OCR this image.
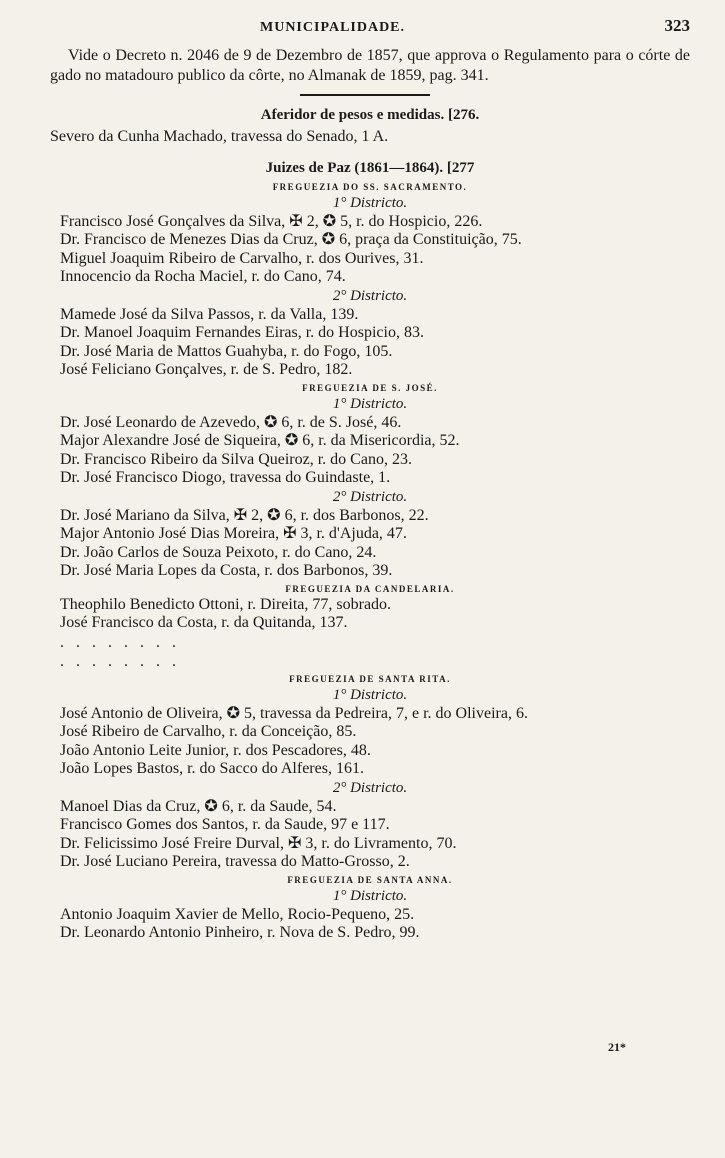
MUNICIPALIDADE.	323

Vide o Decreto n. 2046 de 9 de Dezembro de 1857, que approva o Regulamento para o córte de gado no matadouro publico da côrte, no Almanak de 1859, pag. 341.

Aferidor de pesos e medidas. [276.
Severo da Cunha Machado, travessa do Senado, 1 A.
Juizes de Paz (1861—1864). [277
FREGUEZIA DO SS. SACRAMENTO.
1° Districto.
Francisco José Gonçalves da Silva, ✠ 2, ✪ 5, r. do Hospicio, 226.
Dr. Francisco de Menezes Dias da Cruz, ✪ 6, praça da Constituição, 75.
Miguel Joaquim Ribeiro de Carvalho, r. dos Ourives, 31.
Innocencio da Rocha Maciel, r. do Cano, 74.
2° Districto.
Mamede José da Silva Passos, r. da Valla, 139.
Dr. Manoel Joaquim Fernandes Eiras, r. do Hospicio, 83.
Dr. José Maria de Mattos Guahyba, r. do Fogo, 105.
José Feliciano Gonçalves, r. de S. Pedro, 182.
FREGUEZIA DE S. JOSÉ.
1° Districto.
Dr. José Leonardo de Azevedo, ✪ 6, r. de S. José, 46.
Major Alexandre José de Siqueira, ✪ 6, r. da Misericordia, 52.
Dr. Francisco Ribeiro da Silva Queiroz, r. do Cano, 23.
Dr. José Francisco Diogo, travessa do Guindaste, 1.
2° Districto.
Dr. José Mariano da Silva, ✠ 2, ✪ 6, r. dos Barbonos, 22.
Major Antonio José Dias Moreira, ✠ 3, r. d'Ajuda, 47.
Dr. João Carlos de Souza Peixoto, r. do Cano, 24.
Dr. José Maria Lopes da Costa, r. dos Barbonos, 39.
FREGUEZIA DA CANDELARIA.
Theophilo Benedicto Ottoni, r. Direita, 77, sobrado.
José Francisco da Costa, r. da Quitanda, 137.
........
........
FREGUEZIA DE SANTA RITA.
1° Districto.
José Antonio de Oliveira, ✪ 5, travessa da Pedreira, 7, e r. do Oliveira, 6.
José Ribeiro de Carvalho, r. da Conceição, 85.
João Antonio Leite Junior, r. dos Pescadores, 48.
João Lopes Bastos, r. do Sacco do Alferes, 161.
2° Districto.
Manoel Dias da Cruz, ✪ 6, r. da Saude, 54.
Francisco Gomes dos Santos, r. da Saude, 97 e 117.
Dr. Felicissimo José Freire Durval, ✠ 3, r. do Livramento, 70.
Dr. José Luciano Pereira, travessa do Matto-Grosso, 2.
FREGUEZIA DE SANTA ANNA.
1° Districto.
Antonio Joaquim Xavier de Mello, Rocio-Pequeno, 25.
Dr. Leonardo Antonio Pinheiro, r. Nova de S. Pedro, 99.
21*
